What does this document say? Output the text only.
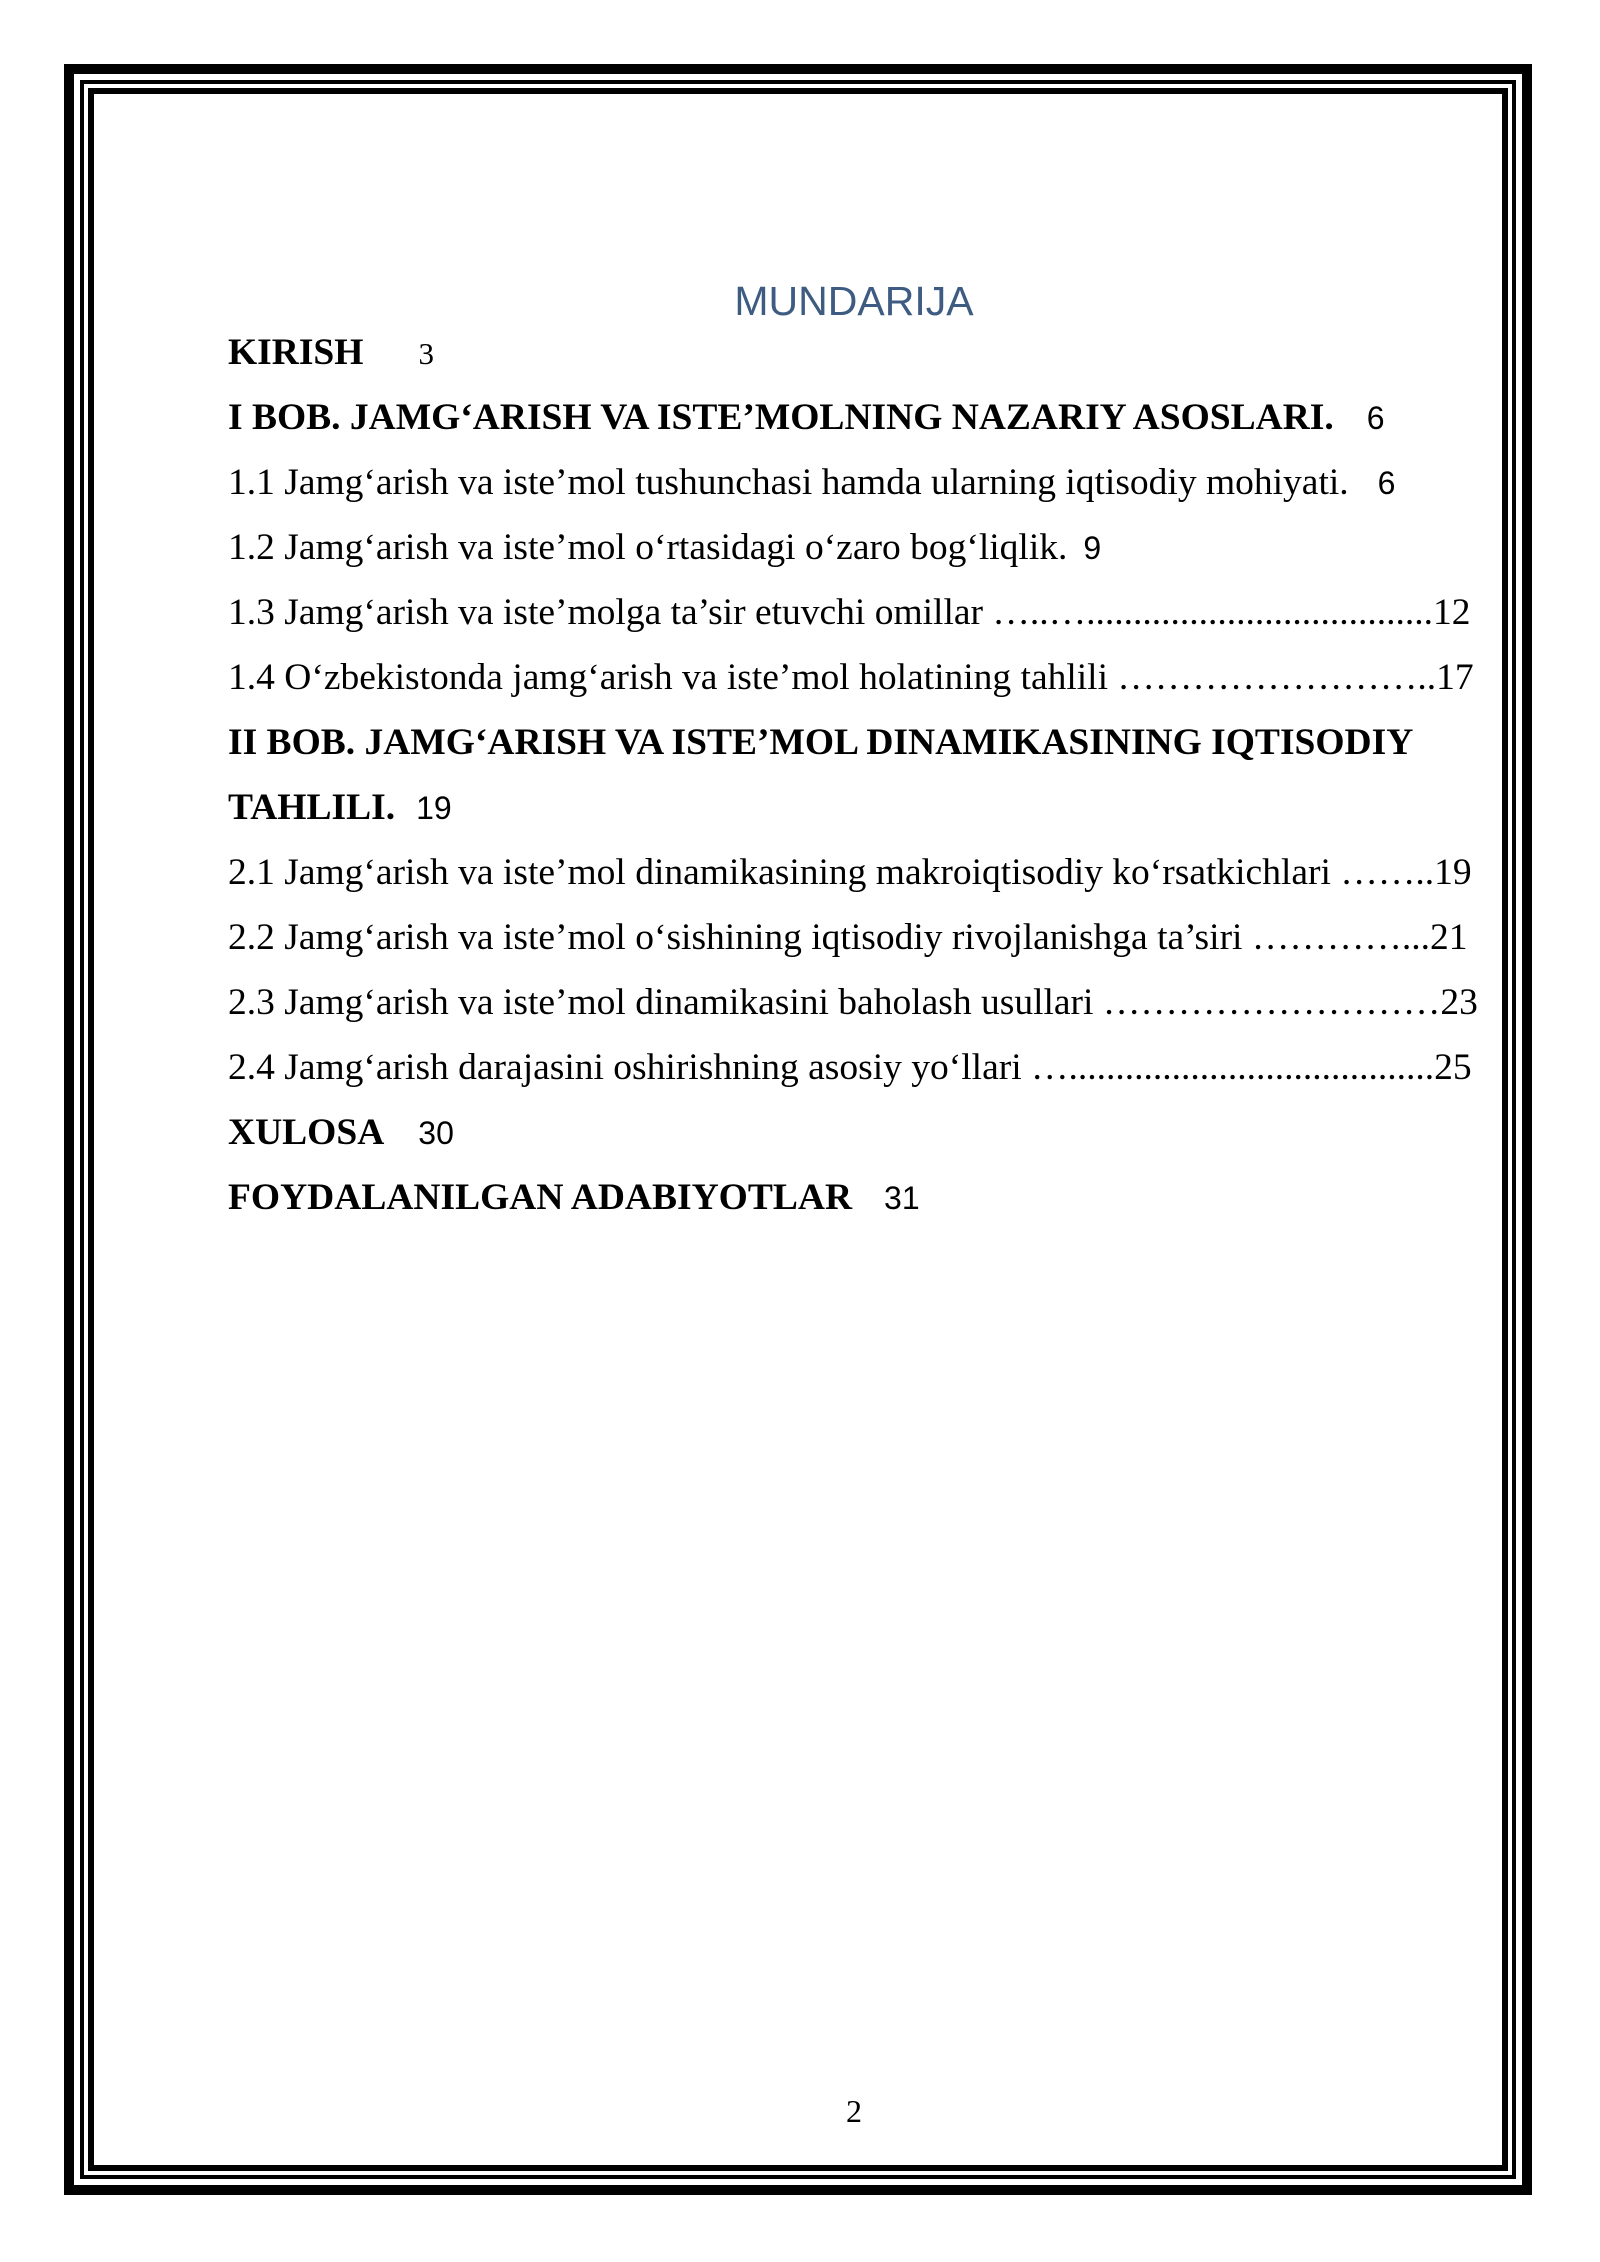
MUNDARIJA
KIRISH 3
I BOB. JAMG‘ARISH VA ISTE’MOLNING NAZARIY ASOSLARI. 6
1.1 Jamg‘arish va iste’mol tushunchasi hamda ularning iqtisodiy mohiyati. 6
1.2 Jamg‘arish va iste’mol o‘rtasidagi o‘zaro bog‘liqlik. 9
1.3 Jamg‘arish va iste’molga ta’sir etuvchi omillar …..….....................................12
1.4 O‘zbekistonda jamg‘arish va iste’mol holatining tahlili ……………………..17
II BOB. JAMG‘ARISH VA ISTE’MOL DINAMIKASINING IQTISODIY TAHLILI. 19
2.1 Jamg‘arish va iste’mol dinamikasining makroiqtisodiy ko‘rsatkichlari ……..19
2.2 Jamg‘arish va iste’mol o‘sishining iqtisodiy rivojlanishga ta’siri …………...21
2.3 Jamg‘arish va iste’mol dinamikasini baholash usullari ………………………23
2.4 Jamg‘arish darajasini oshirishning asosiy yo‘llari ….......................................25
XULOSA 30
FOYDALANILGAN ADABIYOTLAR 31
2
